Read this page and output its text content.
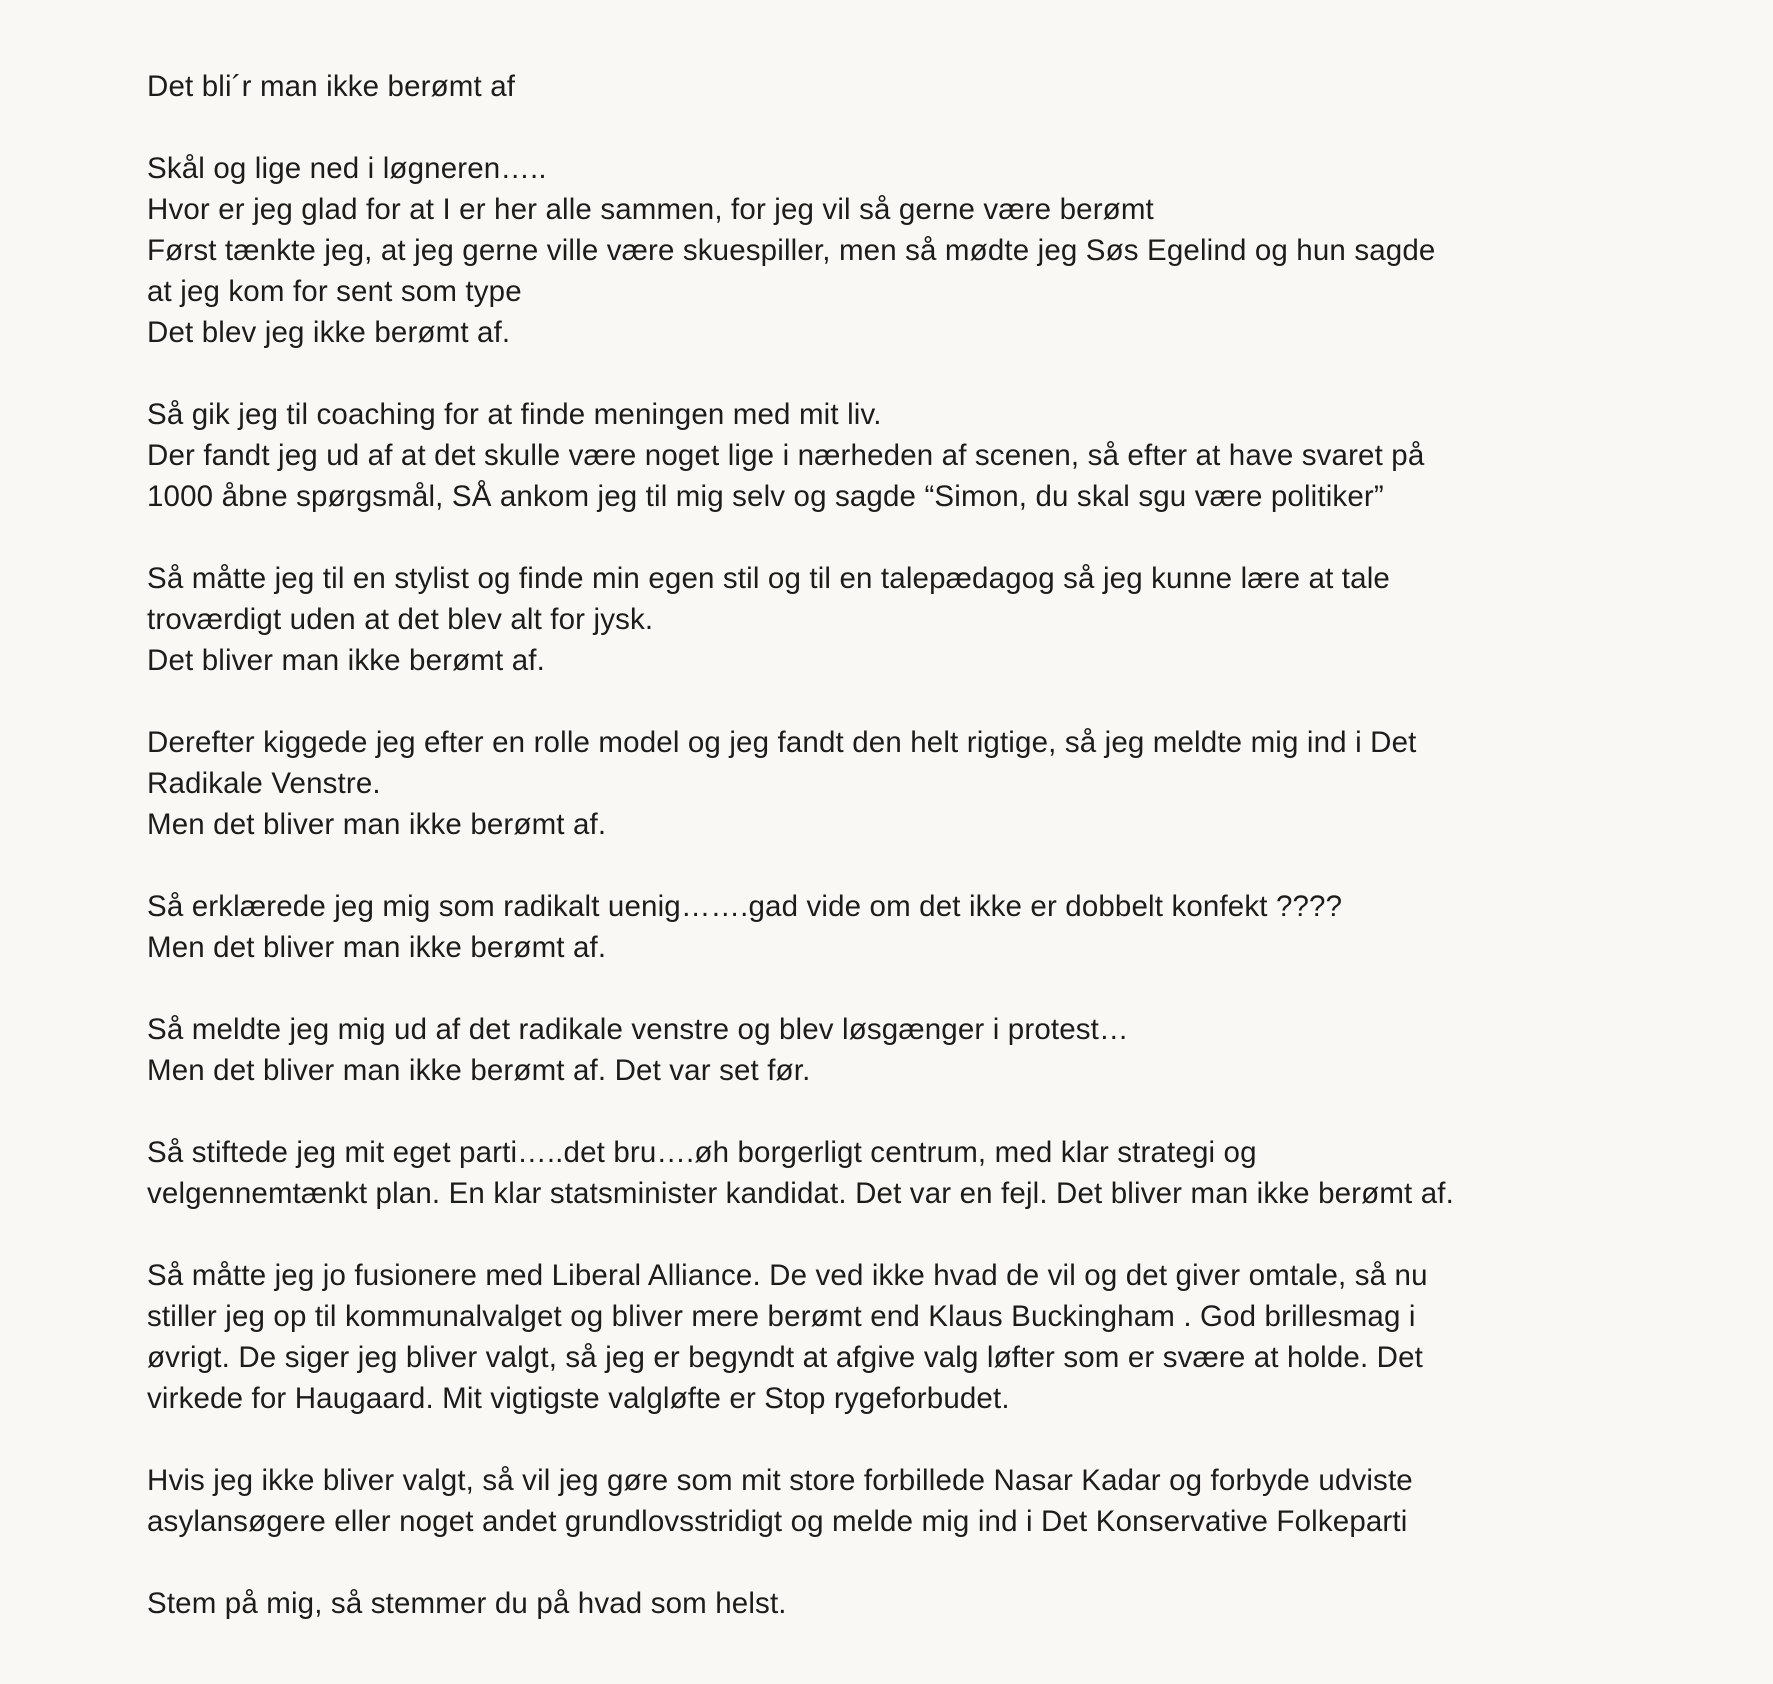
Det bli´r man ikke berømt af
Skål og lige ned i løgneren…..
Hvor er jeg glad for at I er her alle sammen, for jeg vil så gerne være berømt
Først tænkte jeg, at jeg gerne ville være skuespiller, men så mødte jeg Søs Egelind og hun sagde
at jeg kom for sent som type
Det blev jeg ikke berømt af.
Så gik jeg til coaching for at finde meningen med mit liv.
Der fandt jeg ud af at det skulle være noget lige i nærheden af scenen, så efter at have svaret på
1000 åbne spørgsmål, SÅ ankom jeg til mig selv og sagde “Simon, du skal sgu være politiker”
Så måtte jeg til en stylist og finde min egen stil og til en talepædagog så jeg kunne lære at tale
troværdigt uden at det blev alt for jysk.
Det bliver man ikke berømt af.
Derefter kiggede jeg efter en rolle model og jeg fandt den helt rigtige, så jeg meldte mig ind i Det
Radikale Venstre.
Men det bliver man ikke berømt af.
Så erklærede jeg mig som radikalt uenig…….gad vide om det ikke er dobbelt konfekt ????
Men det bliver man ikke berømt af.
Så meldte jeg mig ud af det radikale venstre og blev løsgænger i protest…
Men det bliver man ikke berømt af. Det var set før.
Så stiftede jeg mit eget parti…..det bru….øh borgerligt centrum, med klar strategi og
velgennemtænkt plan. En klar statsminister kandidat. Det var en fejl. Det bliver man ikke berømt af.
Så måtte jeg jo fusionere med Liberal Alliance. De ved ikke hvad de vil og det giver omtale, så nu
stiller jeg op til kommunalvalget og bliver mere berømt end Klaus Buckingham . God brillesmag i
øvrigt. De siger jeg bliver valgt, så jeg er begyndt at afgive valg løfter som er svære at holde. Det
virkede for Haugaard. Mit vigtigste valgløfte er Stop rygeforbudet.
Hvis jeg ikke bliver valgt, så vil jeg gøre som mit store forbillede Nasar Kadar og forbyde udviste
asylansøgere eller noget andet grundlovsstridigt og melde mig ind i Det Konservative Folkeparti
Stem på mig, så stemmer du på hvad som helst.
